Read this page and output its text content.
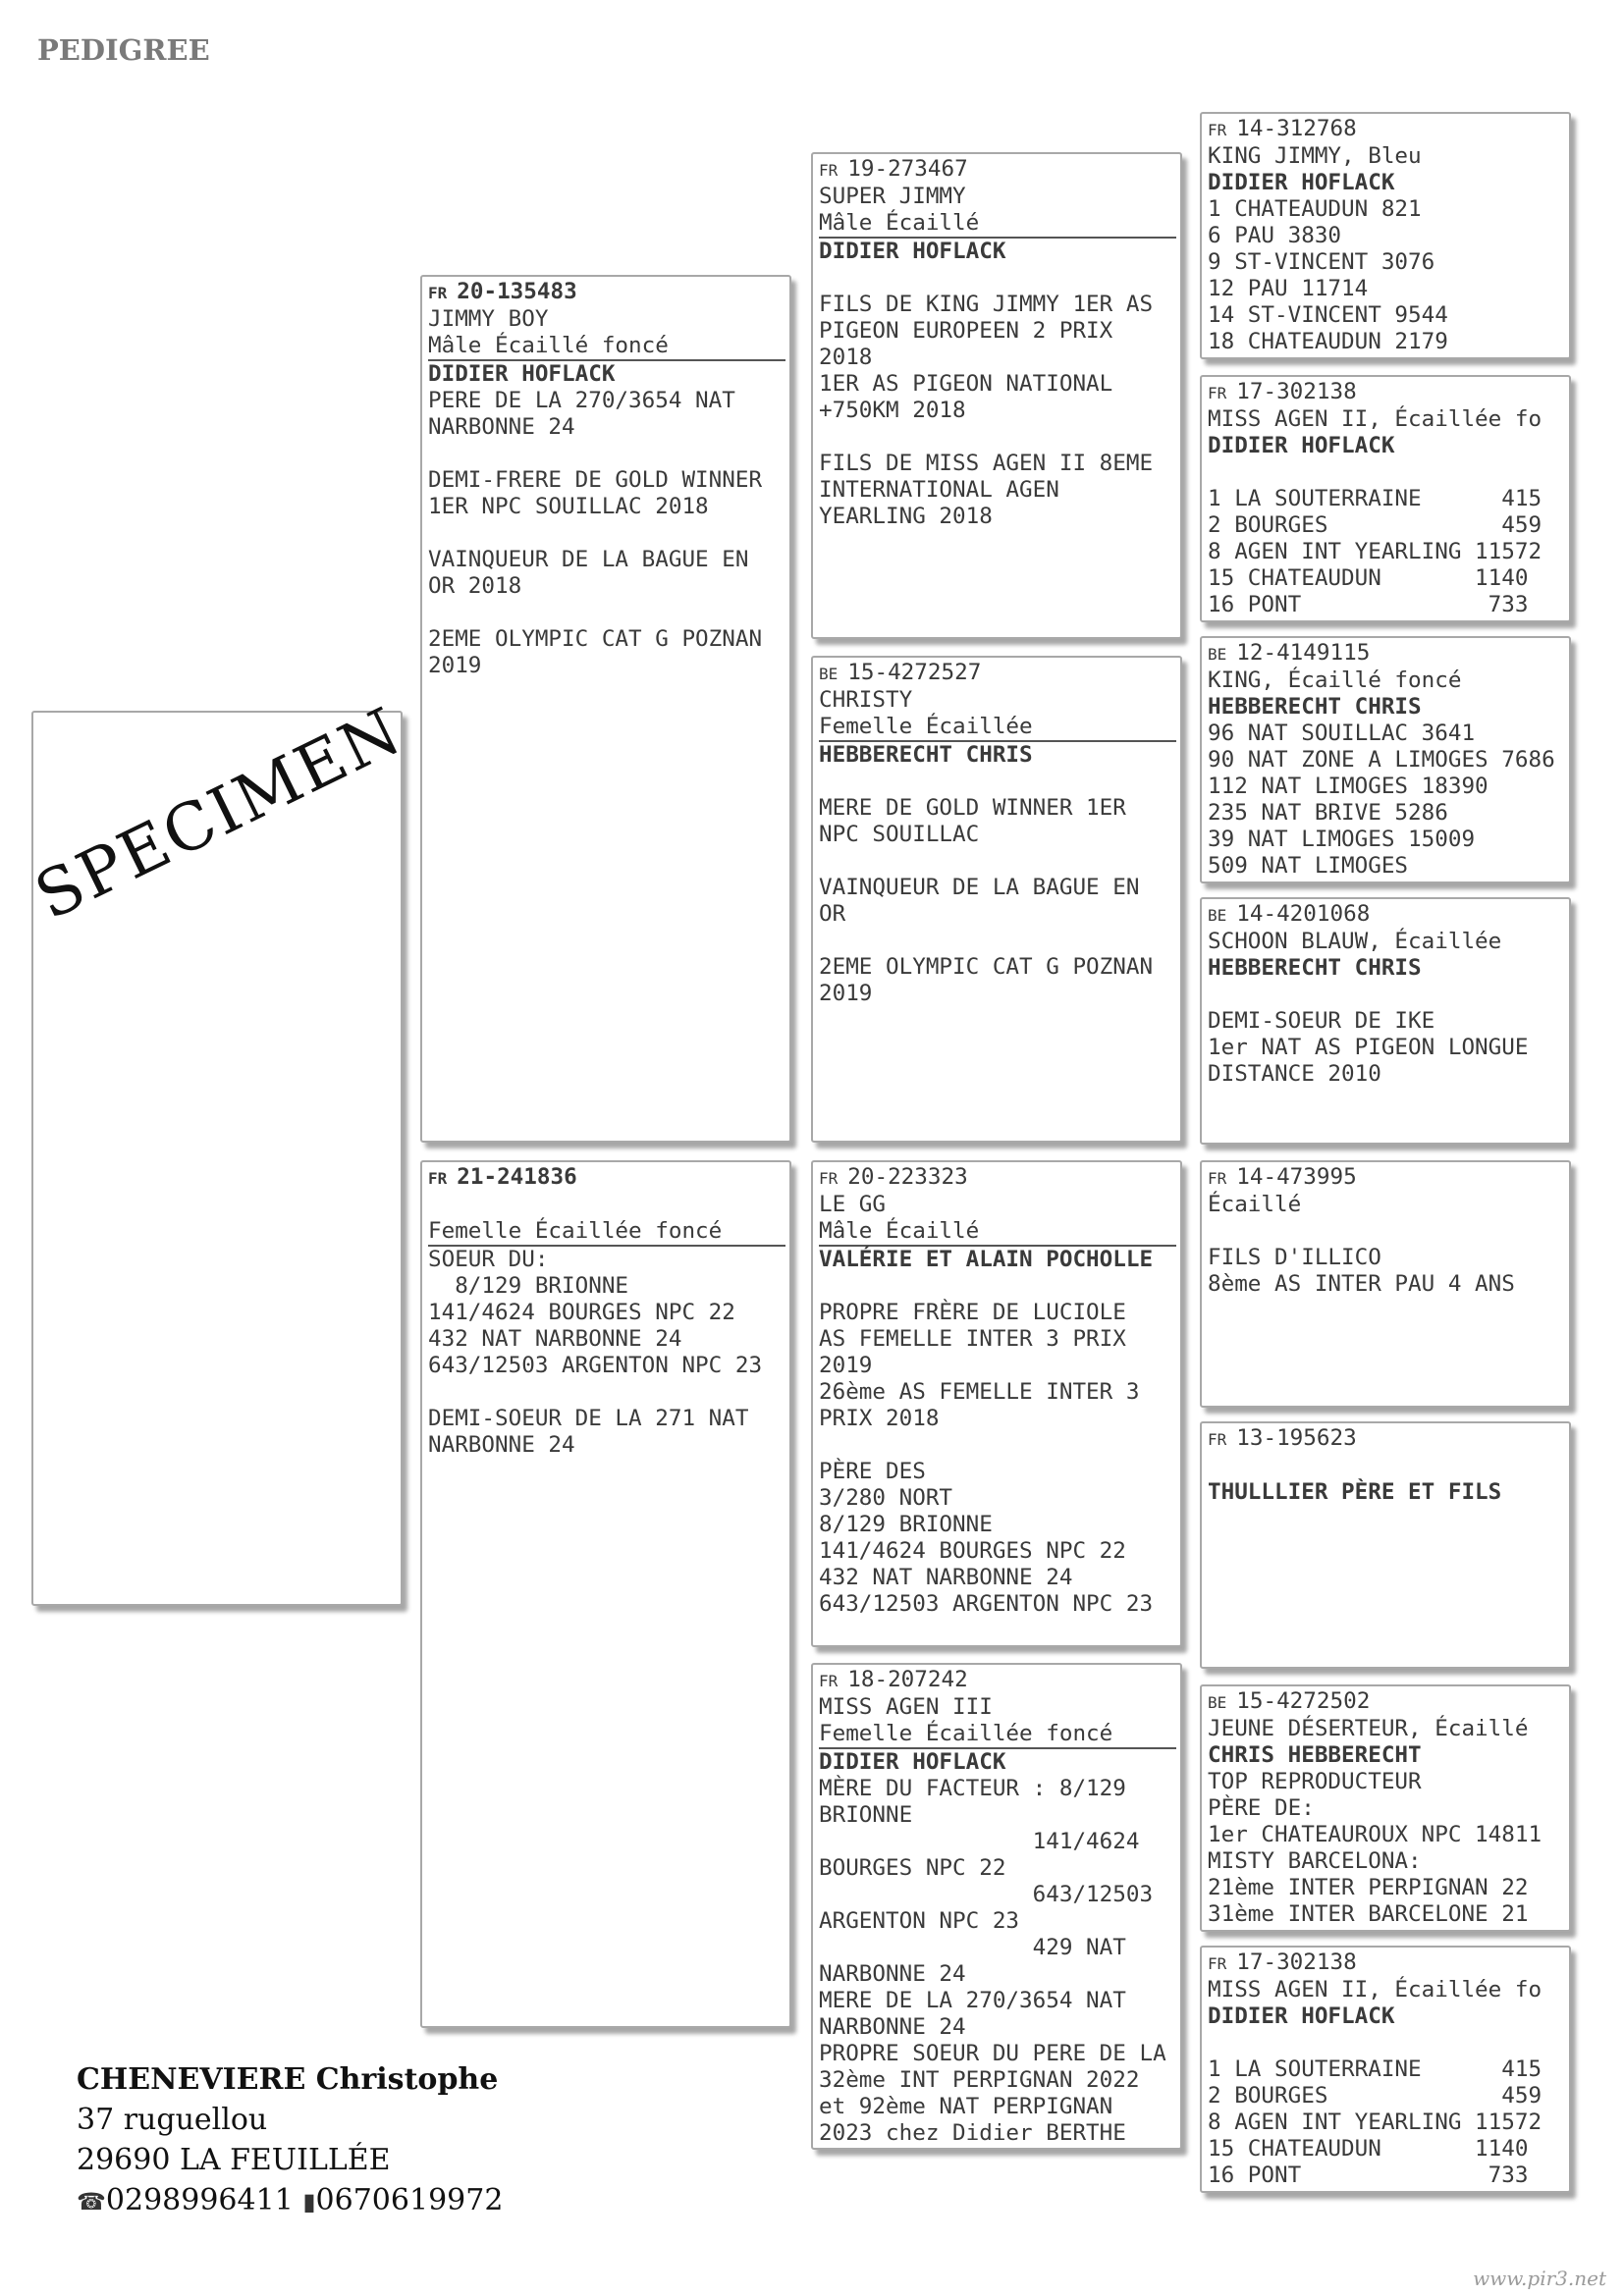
PEDIGREE
SPECIMEN
FR 20-135483
JIMMY BOY
Mâle Écaillé foncé
DIDIER HOFLACK
PERE DE LA 270/3654 NAT
NARBONNE 24
DEMI-FRERE DE GOLD WINNER
1ER NPC SOUILLAC 2018
VAINQUEUR DE LA BAGUE EN
OR 2018
2EME OLYMPIC CAT G POZNAN
2019
FR 21-241836
Femelle Écaillée foncé
SOEUR DU:
8/129 BRIONNE
141/4624 BOURGES NPC 22
432 NAT NARBONNE 24
643/12503 ARGENTON NPC 23
DEMI-SOEUR DE LA 271 NAT
NARBONNE 24
FR 19-273467
SUPER JIMMY
Mâle Écaillé
DIDIER HOFLACK
FILS DE KING JIMMY 1ER AS
PIGEON EUROPEEN 2 PRIX
2018
1ER AS PIGEON NATIONAL
+750KM 2018
FILS DE MISS AGEN II 8EME
INTERNATIONAL AGEN
YEARLING 2018
BE 15-4272527
CHRISTY
Femelle Écaillée
HEBBERECHT CHRIS
MERE DE GOLD WINNER 1ER
NPC SOUILLAC
VAINQUEUR DE LA BAGUE EN
OR
2EME OLYMPIC CAT G POZNAN
2019
FR 20-223323
LE GG
Mâle Écaillé
VALÉRIE ET ALAIN POCHOLLE
PROPRE FRÈRE DE LUCIOLE
AS FEMELLE INTER 3 PRIX
2019
26ème AS FEMELLE INTER 3
PRIX 2018
PÈRE DES
3/280 NORT
8/129 BRIONNE
141/4624 BOURGES NPC 22
432 NAT NARBONNE 24
643/12503 ARGENTON NPC 23
FR 18-207242
MISS AGEN III
Femelle Écaillée foncé
DIDIER HOFLACK
MÈRE DU FACTEUR : 8/129
BRIONNE
141/4624
BOURGES NPC 22
643/12503
ARGENTON NPC 23
429 NAT
NARBONNE 24
MERE DE LA 270/3654 NAT
NARBONNE 24
PROPRE SOEUR DU PERE DE LA
32ème INT PERPIGNAN 2022
et 92ème NAT PERPIGNAN
2023 chez Didier BERTHE
FR 14-312768
KING JIMMY, Bleu
DIDIER HOFLACK
1 CHATEAUDUN 821
6 PAU 3830
9 ST-VINCENT 3076
12 PAU 11714
14 ST-VINCENT 9544
18 CHATEAUDUN 2179
FR 17-302138
MISS AGEN II, Écaillée fo
DIDIER HOFLACK
1 LA SOUTERRAINE      415
2 BOURGES             459
8 AGEN INT YEARLING 11572
15 CHATEAUDUN       1140
16 PONT              733
BE 12-4149115
KING, Écaillé foncé
HEBBERECHT CHRIS
96 NAT SOUILLAC 3641
90 NAT ZONE A LIMOGES 7686
112 NAT LIMOGES 18390
235 NAT BRIVE 5286
39 NAT LIMOGES 15009
509 NAT LIMOGES
BE 14-4201068
SCHOON BLAUW, Écaillée
HEBBERECHT CHRIS
DEMI-SOEUR DE IKE
1er NAT AS PIGEON LONGUE
DISTANCE 2010
FR 14-473995
Écaillé
FILS D'ILLICO
8ème AS INTER PAU 4 ANS
FR 13-195623
THULLLIER PÈRE ET FILS
BE 15-4272502
JEUNE DÉSERTEUR, Écaillé
CHRIS HEBBERECHT
TOP REPRODUCTEUR
PÈRE DE:
1er CHATEAUROUX NPC 14811
MISTY BARCELONA:
21ème INTER PERPIGNAN 22
31ème INTER BARCELONE 21
FR 17-302138
MISS AGEN II, Écaillée fo
DIDIER HOFLACK
1 LA SOUTERRAINE      415
2 BOURGES             459
8 AGEN INT YEARLING 11572
15 CHATEAUDUN       1140
16 PONT              733
CHENEVIERE Christophe
37 ruguellou
29690 LA FEUILLÉE
☎0298996411 ▮0670619972
www.pir3.net
